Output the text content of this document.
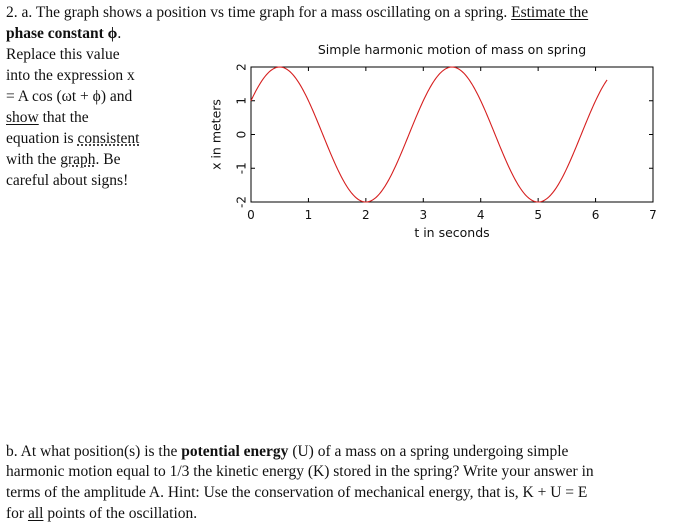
2. a. The graph shows a position vs time graph for a mass oscillating on a spring. Estimate the
phase constant ϕ.
Replace this value
into the expression x
= A cos (ωt + ϕ) and
show that the
equation is consistent
with the graph. Be
careful about signs!
Simple harmonic motion of mass on spring
0	1	2	3	4	5	6	7
2
1
0
-1
-2
t in seconds
x in meters
b. At what position(s) is the potential energy (U) of a mass on a spring undergoing simple
harmonic motion equal to 1/3 the kinetic energy (K) stored in the spring? Write your answer in
terms of the amplitude A. Hint: Use the conservation of mechanical energy, that is, K + U = E
for all points of the oscillation.
